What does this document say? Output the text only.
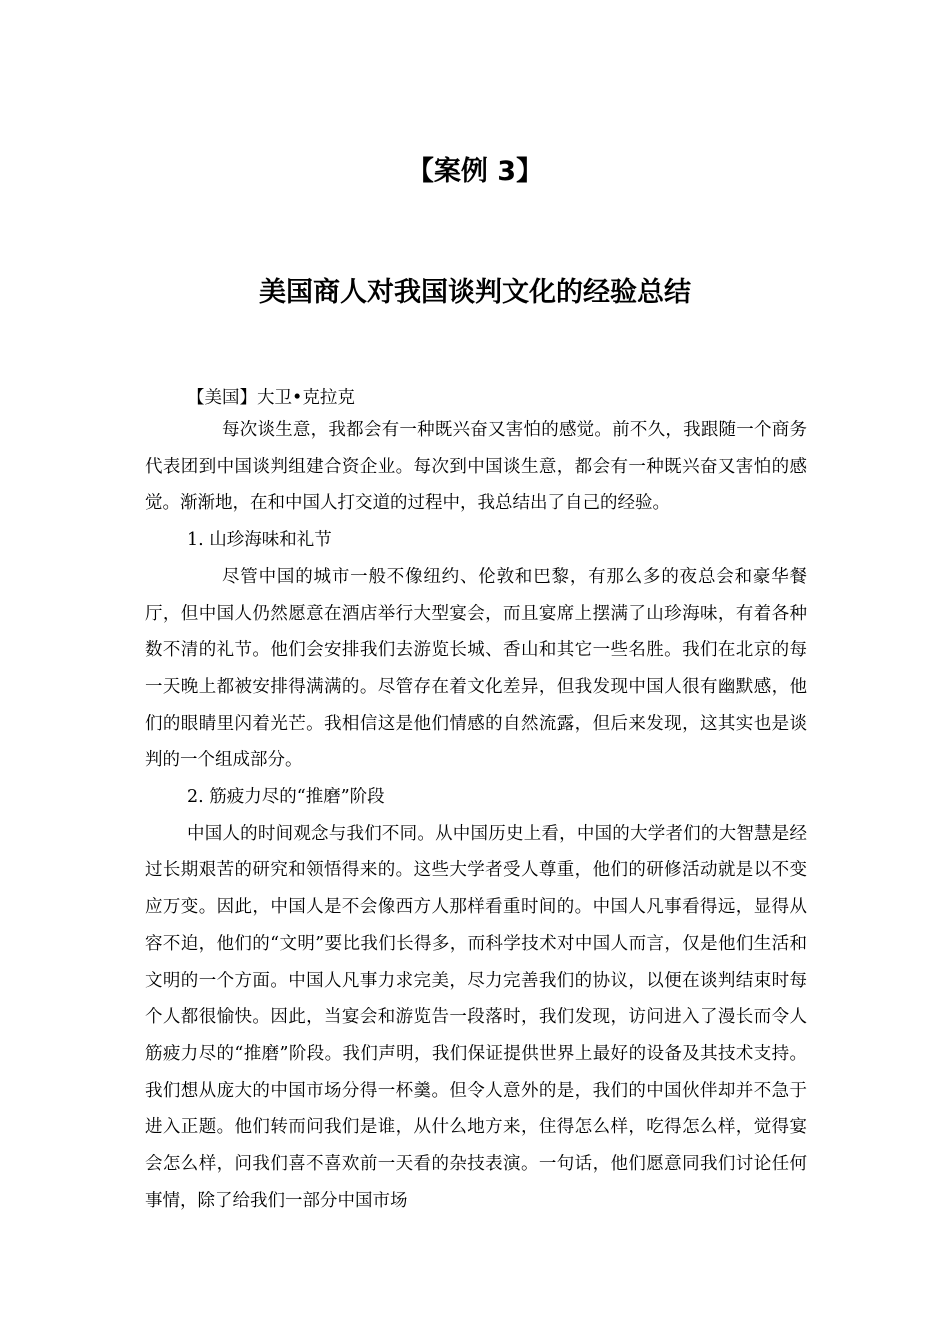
【案例 3】
美国商人对我国谈判文化的经验总结
【美国】大卫•克拉克

每次谈生意，我都会有一种既兴奋又害怕的感觉。前不久，我跟随一个商务代表团到中国谈判组建合资企业。每次到中国谈生意，都会有一种既兴奋又害怕的感觉。渐渐地，在和中国人打交道的过程中，我总结出了自己的经验。

1. 山珍海味和礼节

尽管中国的城市一般不像纽约、伦敦和巴黎，有那么多的夜总会和豪华餐厅，但中国人仍然愿意在酒店举行大型宴会，而且宴席上摆满了山珍海味，有着各种数不清的礼节。他们会安排我们去游览长城、香山和其它一些名胜。我们在北京的每一天晚上都被安排得满满的。尽管存在着文化差异，但我发现中国人很有幽默感，他们的眼睛里闪着光芒。我相信这是他们情感的自然流露，但后来发现，这其实也是谈判的一个组成部分。

2. 筋疲力尽的“推磨”阶段

中国人的时间观念与我们不同。从中国历史上看，中国的大学者们的大智慧是经过长期艰苦的研究和领悟得来的。这些大学者受人尊重，他们的研修活动就是以不变应万变。因此，中国人是不会像西方人那样看重时间的。中国人凡事看得远，显得从容不迫，他们的“文明”要比我们长得多，而科学技术对中国人而言，仅是他们生活和文明的一个方面。中国人凡事力求完美，尽力完善我们的协议，以便在谈判结束时每个人都很愉快。因此，当宴会和游览告一段落时，我们发现，访问进入了漫长而令人筋疲力尽的“推磨”阶段。我们声明，我们保证提供世界上最好的设备及其技术支持。我们想从庞大的中国市场分得一杯羹。但令人意外的是，我们的中国伙伴却并不急于进入正题。他们转而问我们是谁，从什么地方来，住得怎么样，吃得怎么样，觉得宴会怎么样，问我们喜不喜欢前一天看的杂技表演。一句话，他们愿意同我们讨论任何事情，除了给我们一部分中国市场
